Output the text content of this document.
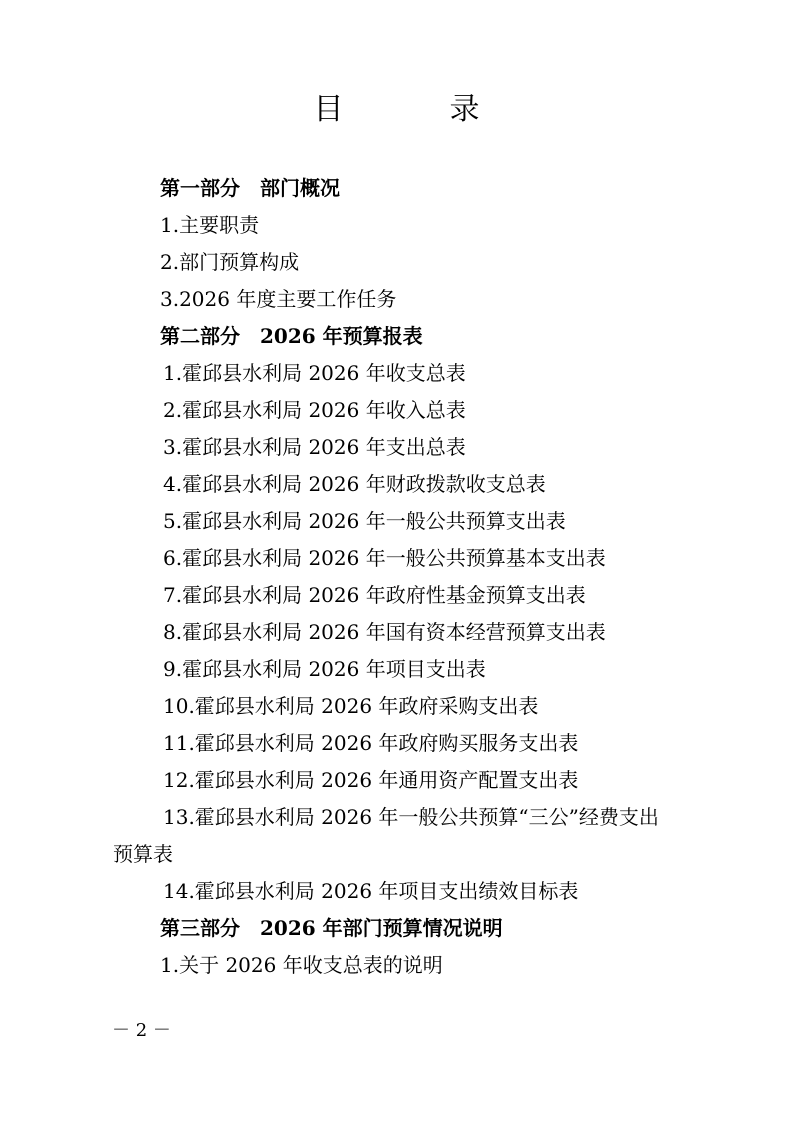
目　录
第一部分　部门概况
1.主要职责
2.部门预算构成
3.2026 年度主要工作任务
第二部分　2026 年预算报表
1.霍邱县水利局 2026 年收支总表
2.霍邱县水利局 2026 年收入总表
3.霍邱县水利局 2026 年支出总表
4.霍邱县水利局 2026 年财政拨款收支总表
5.霍邱县水利局 2026 年一般公共预算支出表
6.霍邱县水利局 2026 年一般公共预算基本支出表
7.霍邱县水利局 2026 年政府性基金预算支出表
8.霍邱县水利局 2026 年国有资本经营预算支出表
9.霍邱县水利局 2026 年项目支出表
10.霍邱县水利局 2026 年政府采购支出表
11.霍邱县水利局 2026 年政府购买服务支出表
12.霍邱县水利局 2026 年通用资产配置支出表
13.霍邱县水利局 2026 年一般公共预算“三公”经费支出
预算表
14.霍邱县水利局 2026 年项目支出绩效目标表
第三部分　2026 年部门预算情况说明
1.关于 2026 年收支总表的说明
－ 2 －
